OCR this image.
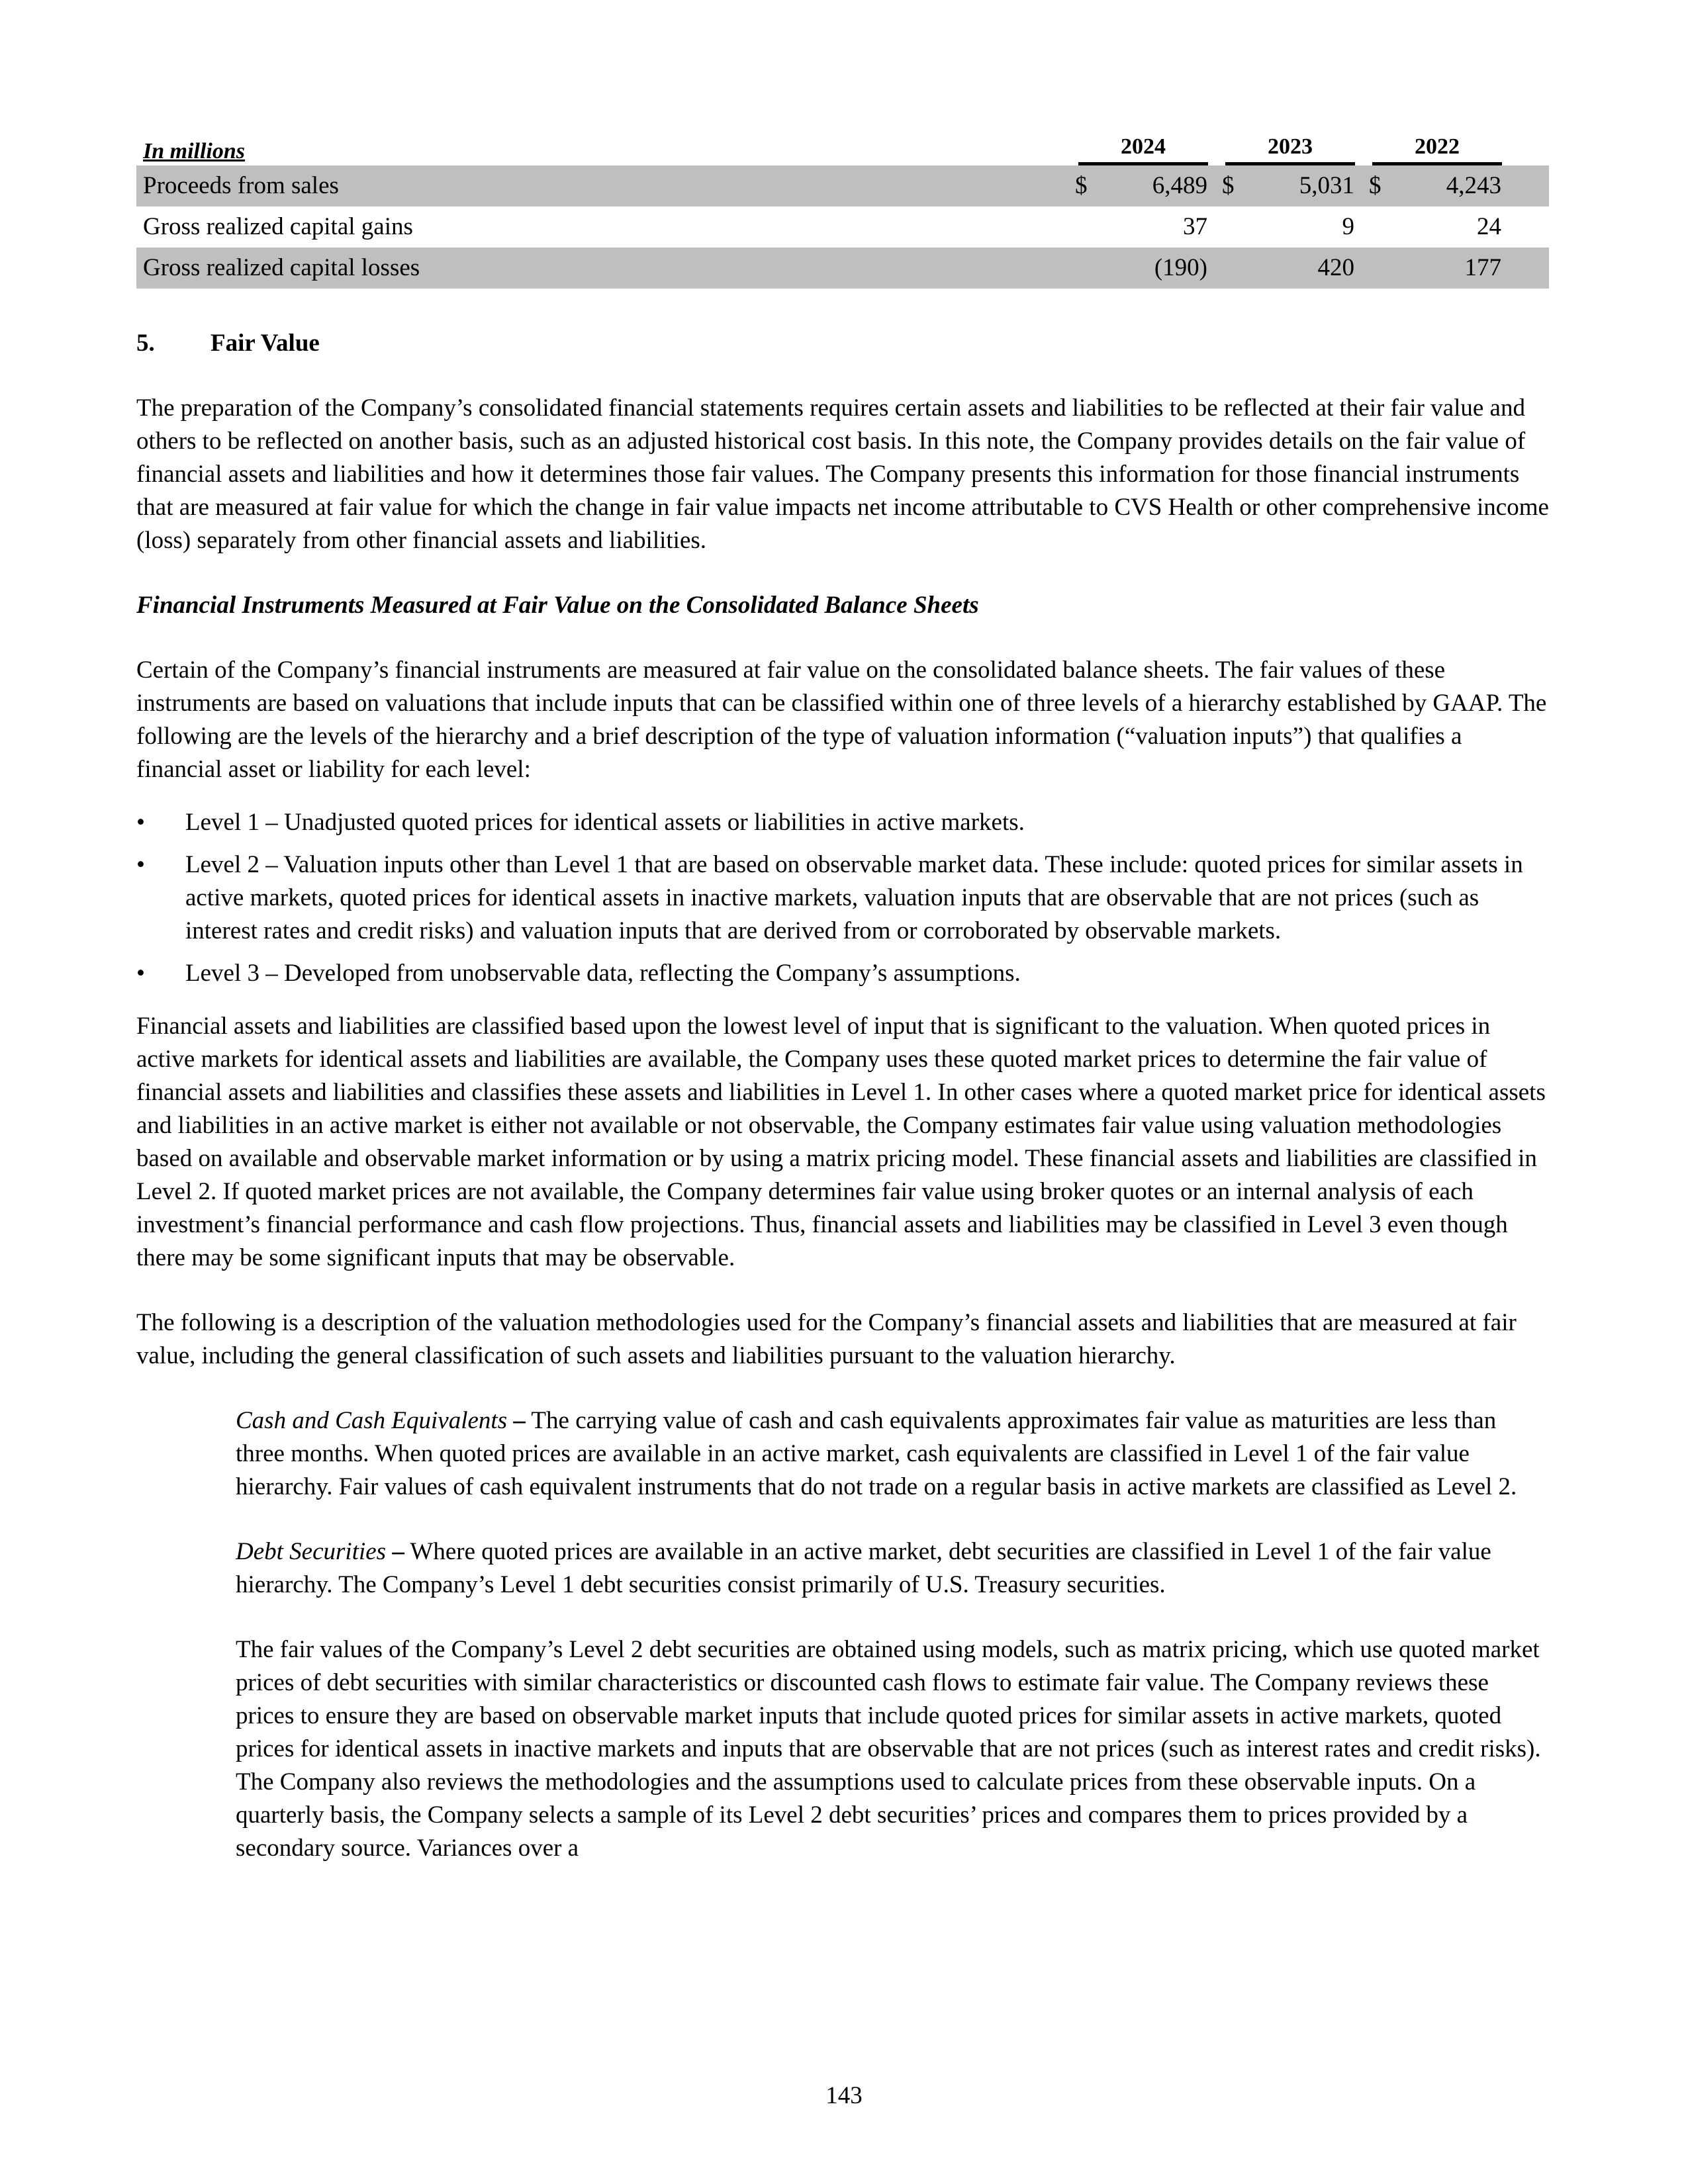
In millions	2024		2023		2022		
Proceeds from sales	$	6,489	$	5,031	$	4,243	
Gross realized capital gains		37		9		24	
Gross realized capital losses		(190)		420		177	
5. Fair Value

The preparation of the Company’s consolidated financial statements requires certain assets and liabilities to be reflected at their fair value and others to be reflected on another basis, such as an adjusted historical cost basis. In this note, the Company provides details on the fair value of financial assets and liabilities and how it determines those fair values. The Company presents this information for those financial instruments that are measured at fair value for which the change in fair value impacts net income attributable to CVS Health or other comprehensive income (loss) separately from other financial assets and liabilities.

Financial Instruments Measured at Fair Value on the Consolidated Balance Sheets

Certain of the Company’s financial instruments are measured at fair value on the consolidated balance sheets. The fair values of these instruments are based on valuations that include inputs that can be classified within one of three levels of a hierarchy established by GAAP. The following are the levels of the hierarchy and a brief description of the type of valuation information (“valuation inputs”) that qualifies a financial asset or liability for each level:

• Level 1 – Unadjusted quoted prices for identical assets or liabilities in active markets.
• Level 2 – Valuation inputs other than Level 1 that are based on observable market data. These include: quoted prices for similar assets in active markets, quoted prices for identical assets in inactive markets, valuation inputs that are observable that are not prices (such as interest rates and credit risks) and valuation inputs that are derived from or corroborated by observable markets.
• Level 3 – Developed from unobservable data, reflecting the Company’s assumptions.

Financial assets and liabilities are classified based upon the lowest level of input that is significant to the valuation. When quoted prices in active markets for identical assets and liabilities are available, the Company uses these quoted market prices to determine the fair value of financial assets and liabilities and classifies these assets and liabilities in Level 1. In other cases where a quoted market price for identical assets and liabilities in an active market is either not available or not observable, the Company estimates fair value using valuation methodologies based on available and observable market information or by using a matrix pricing model. These financial assets and liabilities are classified in Level 2. If quoted market prices are not available, the Company determines fair value using broker quotes or an internal analysis of each investment’s financial performance and cash flow projections. Thus, financial assets and liabilities may be classified in Level 3 even though there may be some significant inputs that may be observable.

The following is a description of the valuation methodologies used for the Company’s financial assets and liabilities that are measured at fair value, including the general classification of such assets and liabilities pursuant to the valuation hierarchy.

Cash and Cash Equivalents – The carrying value of cash and cash equivalents approximates fair value as maturities are less than three months. When quoted prices are available in an active market, cash equivalents are classified in Level 1 of the fair value hierarchy. Fair values of cash equivalent instruments that do not trade on a regular basis in active markets are classified as Level 2.

Debt Securities – Where quoted prices are available in an active market, debt securities are classified in Level 1 of the fair value hierarchy. The Company’s Level 1 debt securities consist primarily of U.S. Treasury securities.

The fair values of the Company’s Level 2 debt securities are obtained using models, such as matrix pricing, which use quoted market prices of debt securities with similar characteristics or discounted cash flows to estimate fair value. The Company reviews these prices to ensure they are based on observable market inputs that include quoted prices for similar assets in active markets, quoted prices for identical assets in inactive markets and inputs that are observable that are not prices (such as interest rates and credit risks). The Company also reviews the methodologies and the assumptions used to calculate prices from these observable inputs. On a quarterly basis, the Company selects a sample of its Level 2 debt securities’ prices and compares them to prices provided by a secondary source. Variances over a

143
